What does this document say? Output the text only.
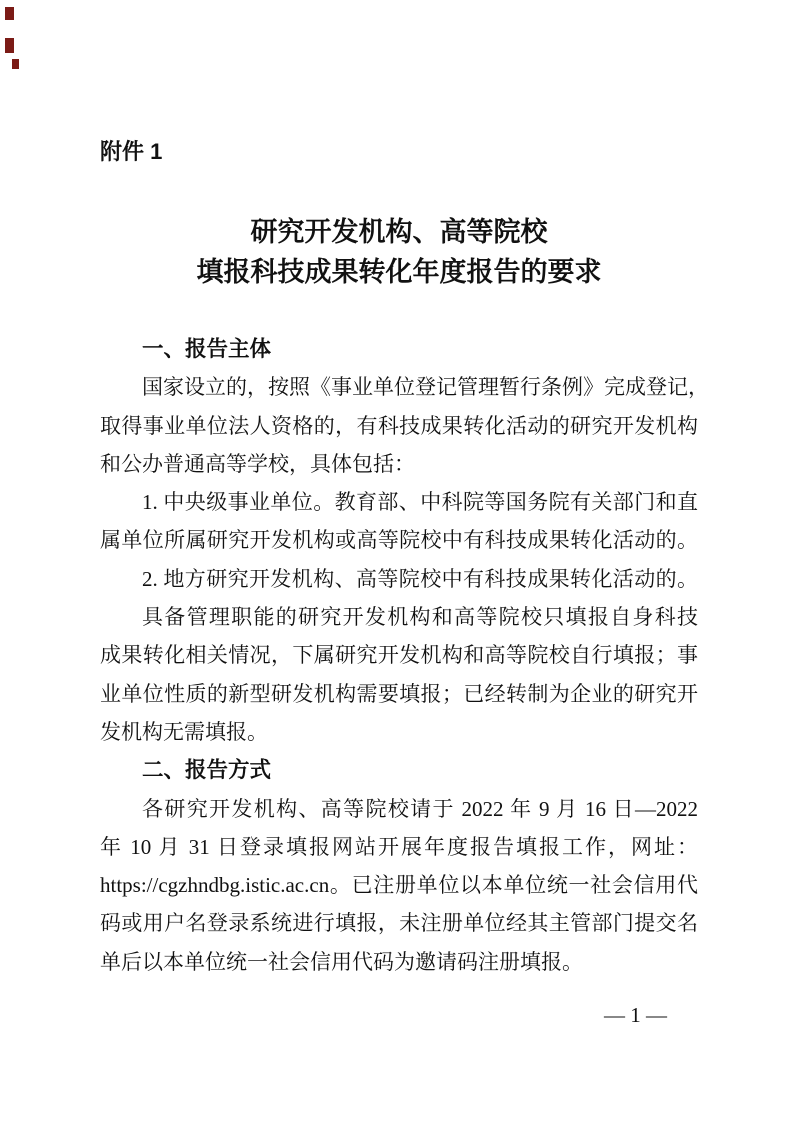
附件 1
研究开发机构、高等院校
填报科技成果转化年度报告的要求
一、报告主体
国家设立的，按照《事业单位登记管理暂行条例》完成登记，
取得事业单位法人资格的，有科技成果转化活动的研究开发机构
和公办普通高等学校，具体包括：
1. 中央级事业单位。教育部、中科院等国务院有关部门和直
属单位所属研究开发机构或高等院校中有科技成果转化活动的。
2. 地方研究开发机构、高等院校中有科技成果转化活动的。
具备管理职能的研究开发机构和高等院校只填报自身科技
成果转化相关情况，下属研究开发机构和高等院校自行填报；事
业单位性质的新型研发机构需要填报；已经转制为企业的研究开
发机构无需填报。
二、报告方式
各研究开发机构、高等院校请于 2022 年 9 月 16 日—2022
年 10 月 31 日登录填报网站开展年度报告填报工作，网址：
https://cgzhndbg.istic.ac.cn。已注册单位以本单位统一社会信用代
码或用户名登录系统进行填报，未注册单位经其主管部门提交名
单后以本单位统一社会信用代码为邀请码注册填报。
— 1 —
